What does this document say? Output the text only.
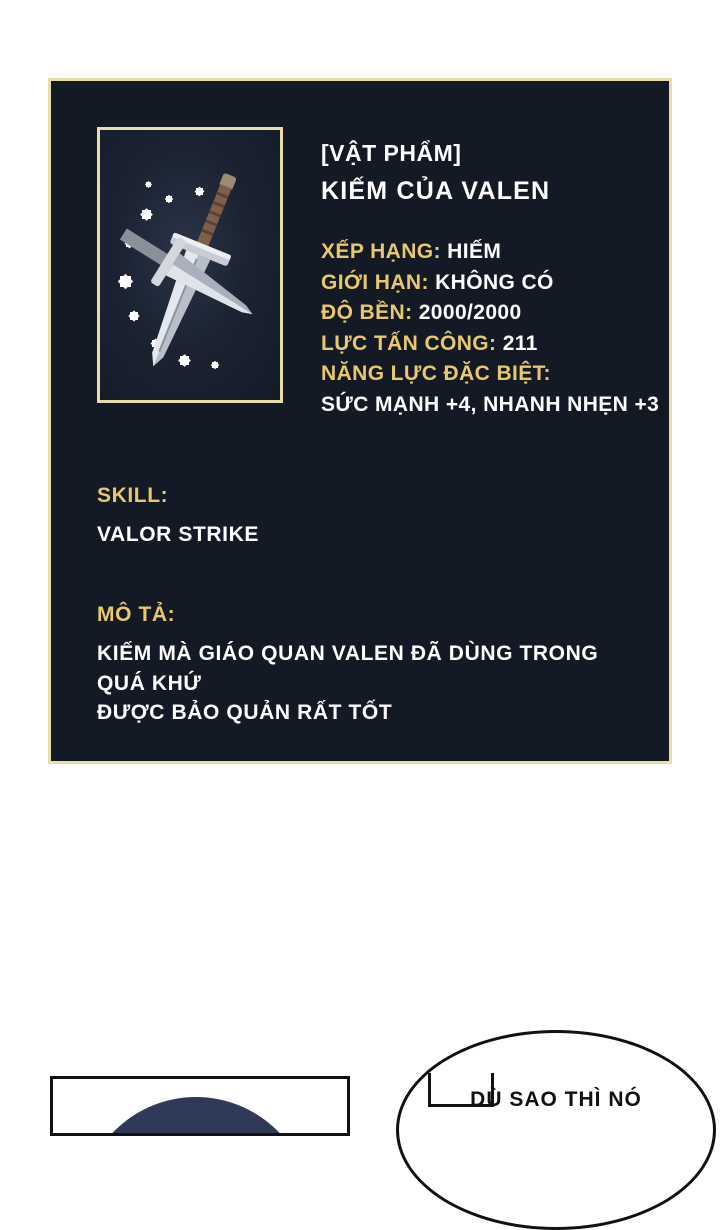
[VẬT PHẨM]
KIẾM CỦA VALEN
XẾP HẠNG: HIẾM
GIỚI HẠN: KHÔNG CÓ
ĐỘ BỀN: 2000/2000
LỰC TẤN CÔNG: 211
NĂNG LỰC ĐẶC BIỆT:
SỨC MẠNH +4, NHANH NHẸN +3
SKILL:
VALOR STRIKE
MÔ TẢ:
KIẾM MÀ GIÁO QUAN VALEN ĐÃ DÙNG TRONG QUÁ KHỨ
ĐƯỢC BẢO QUẢN RẤT TỐT
DÙ SAO THÌ NÓ
